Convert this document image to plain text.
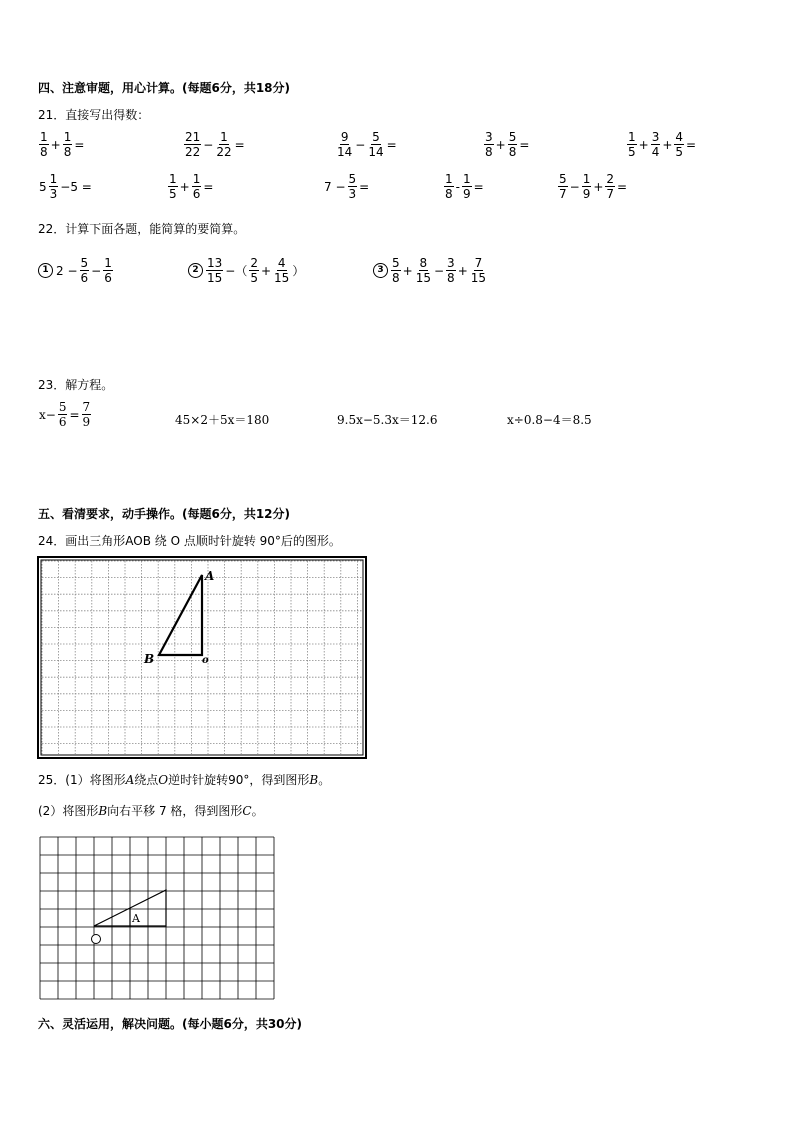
四、注意审题，用心计算。(每题6分，共18分)
21．直接写出得数：
$\frac{1}{8} + \frac{1}{8}$ =	$\frac{21}{22} - \frac{1}{22}$ =	$\frac{9}{14} - \frac{5}{14}$ =	$\frac{3}{8} + \frac{5}{8}$ =	$\frac{1}{5} + \frac{3}{4} + \frac{4}{5}$ =
$5 \frac{1}{3} -5$ =	$\frac{1}{5} + \frac{1}{6}$ =	$7 - \frac{5}{3}$ =	$\frac{1}{8} - \frac{1}{9}$ =	$\frac{5}{7} - \frac{1}{9} + \frac{2}{7}$ =
22．计算下面各题，能简算的要简算。
1 $2 - \frac{5}{6} - \frac{1}{6}$	$2 \frac{13}{15}$ −（ $\frac{2}{5} + \frac{4}{15}$ ）	$3 \frac{5}{8} + \frac{8}{15} - \frac{3}{8} + \frac{7}{15}$
23．解方程。
$x- \frac{5}{6} = \frac{7}{9}$	45×2＋5x＝180	9.5x−5.3x＝12.6	x÷0.8−4＝8.5
五、看清要求，动手操作。(每题6分，共12分)
24．画出三角形AOB 绕 O 点顺时针旋转 90°后的图形。
A
B	o
25．(1）将图形A绕点O逆时针旋转90°，得到图形B。
(2）将图形B向右平移 7 格，得到图形C。
A
六、灵活运用，解决问题。(每小题6分，共30分)
